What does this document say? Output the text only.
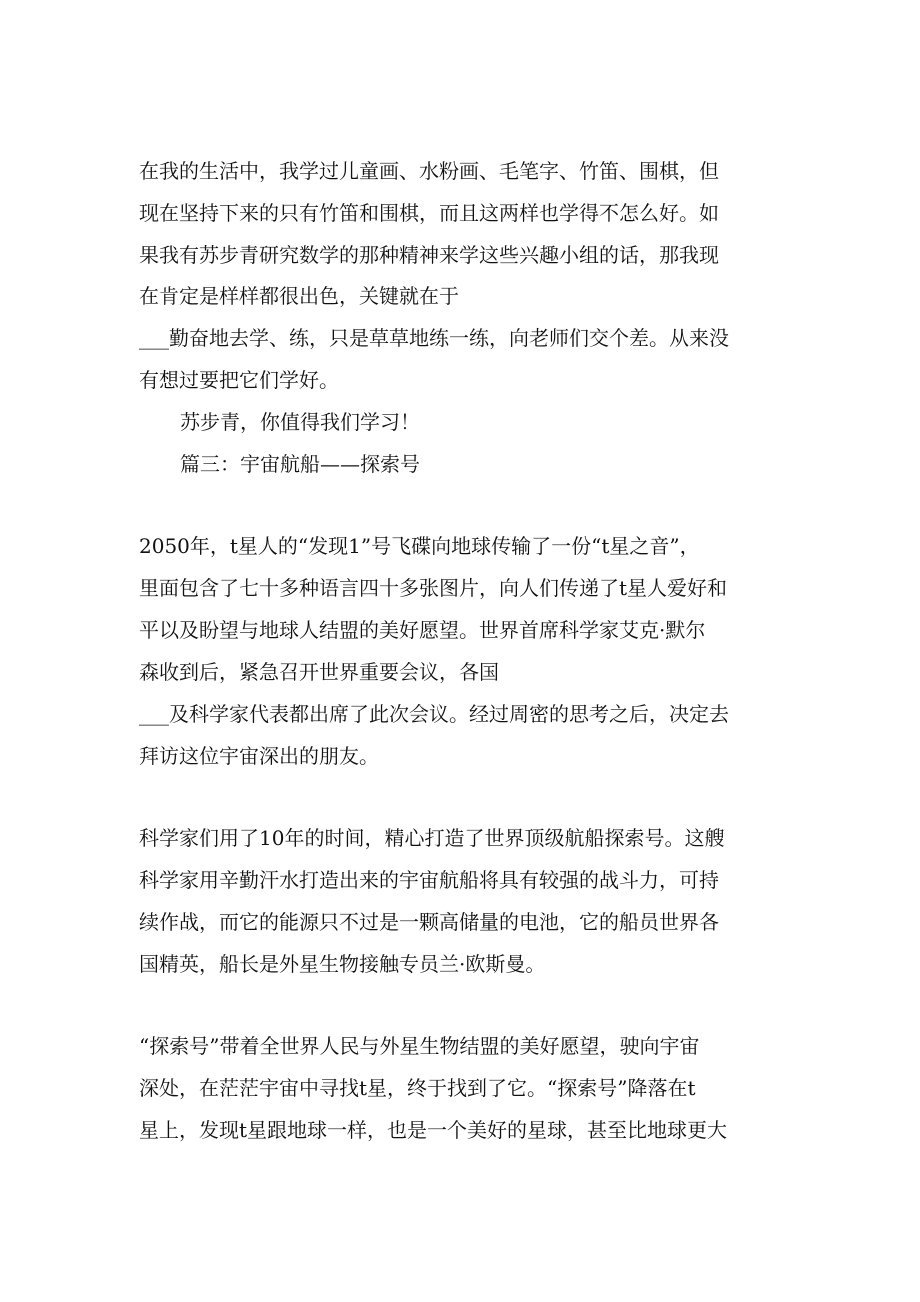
在我的生活中，我学过儿童画、水粉画、毛笔字、竹笛、围棋，但

现在坚持下来的只有竹笛和围棋，而且这两样也学得不怎么好。如

果我有苏步青研究数学的那种精神来学这些兴趣小组的话，那我现

在肯定是样样都很出色，关键就在于

___勤奋地去学、练，只是草草地练一练，向老师们交个差。从来没

有想过要把它们学好。

苏步青，你值得我们学习！

篇三：宇宙航船——探索号

2050年，t星人的“发现1”号飞碟向地球传输了一份“t星之音”，

里面包含了七十多种语言四十多张图片，向人们传递了t星人爱好和

平以及盼望与地球人结盟的美好愿望。世界首席科学家艾克·默尔

森收到后，紧急召开世界重要会议，各国

___及科学家代表都出席了此次会议。经过周密的思考之后，决定去

拜访这位宇宙深出的朋友。

科学家们用了10年的时间，精心打造了世界顶级航船探索号。这艘

科学家用辛勤汗水打造出来的宇宙航船将具有较强的战斗力，可持

续作战，而它的能源只不过是一颗高储量的电池，它的船员世界各

国精英，船长是外星生物接触专员兰·欧斯曼。

“探索号”带着全世界人民与外星生物结盟的美好愿望，驶向宇宙

深处，在茫茫宇宙中寻找t星，终于找到了它。“探索号”降落在t

星上，发现t星跟地球一样，也是一个美好的星球，甚至比地球更大
